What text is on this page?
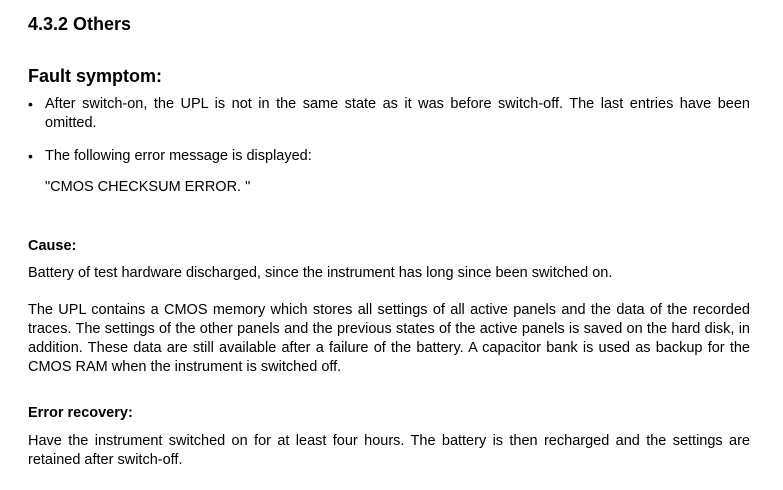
4.3.2 Others
Fault symptom:
• After switch-on, the UPL is not in the same state as it was before switch-off. The last entries have been omitted.
• The following error message is displayed:
"CMOS CHECKSUM ERROR. "
Cause:

Battery of test hardware discharged, since the instrument has long since been switched on.

The UPL contains a CMOS memory which stores all settings of all active panels and the data of the recorded traces. The settings of the other panels and the previous states of the active panels is saved on the hard disk, in addition. These data are still available after a failure of the battery. A capacitor bank is used as backup for the CMOS RAM when the instrument is switched off.

Error recovery:

Have the instrument switched on for at least four hours. The battery is then recharged and the settings are retained after switch-off.
